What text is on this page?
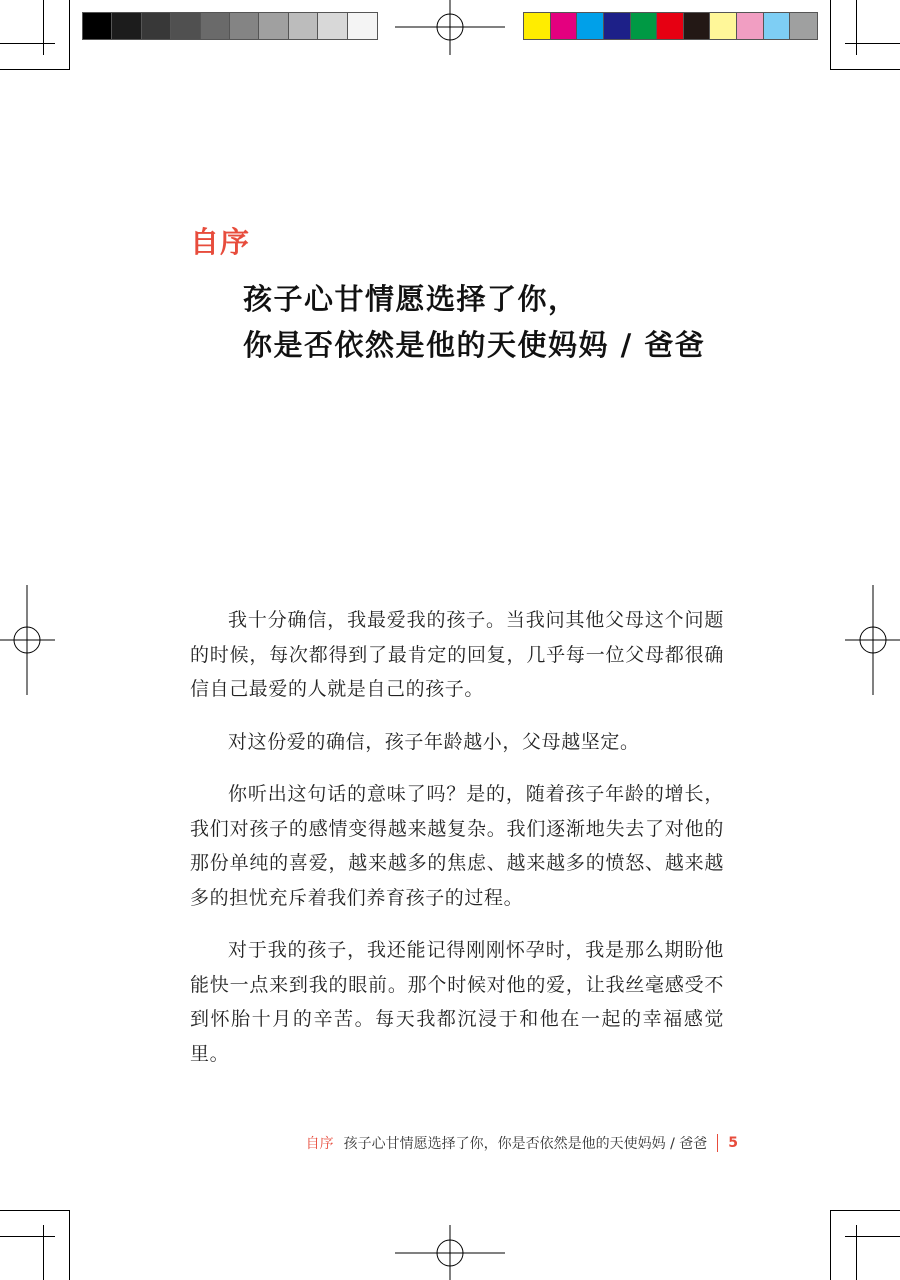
自序
孩子心甘情愿选择了你，
你是否依然是他的天使妈妈 / 爸爸

我十分确信，我最爱我的孩子。当我问其他父母这个问题的时候，每次都得到了最肯定的回复，几乎每一位父母都很确信自己最爱的人就是自己的孩子。

对这份爱的确信，孩子年龄越小，父母越坚定。

你听出这句话的意味了吗？是的，随着孩子年龄的增长，我们对孩子的感情变得越来越复杂。我们逐渐地失去了对他的那份单纯的喜爱，越来越多的焦虑、越来越多的愤怒、越来越多的担忧充斥着我们养育孩子的过程。

对于我的孩子，我还能记得刚刚怀孕时，我是那么期盼他能快一点来到我的眼前。那个时候对他的爱，让我丝毫感受不到怀胎十月的辛苦。每天我都沉浸于和他在一起的幸福感觉里。

自序 孩子心甘情愿选择了你，你是否依然是他的天使妈妈 / 爸爸 5
